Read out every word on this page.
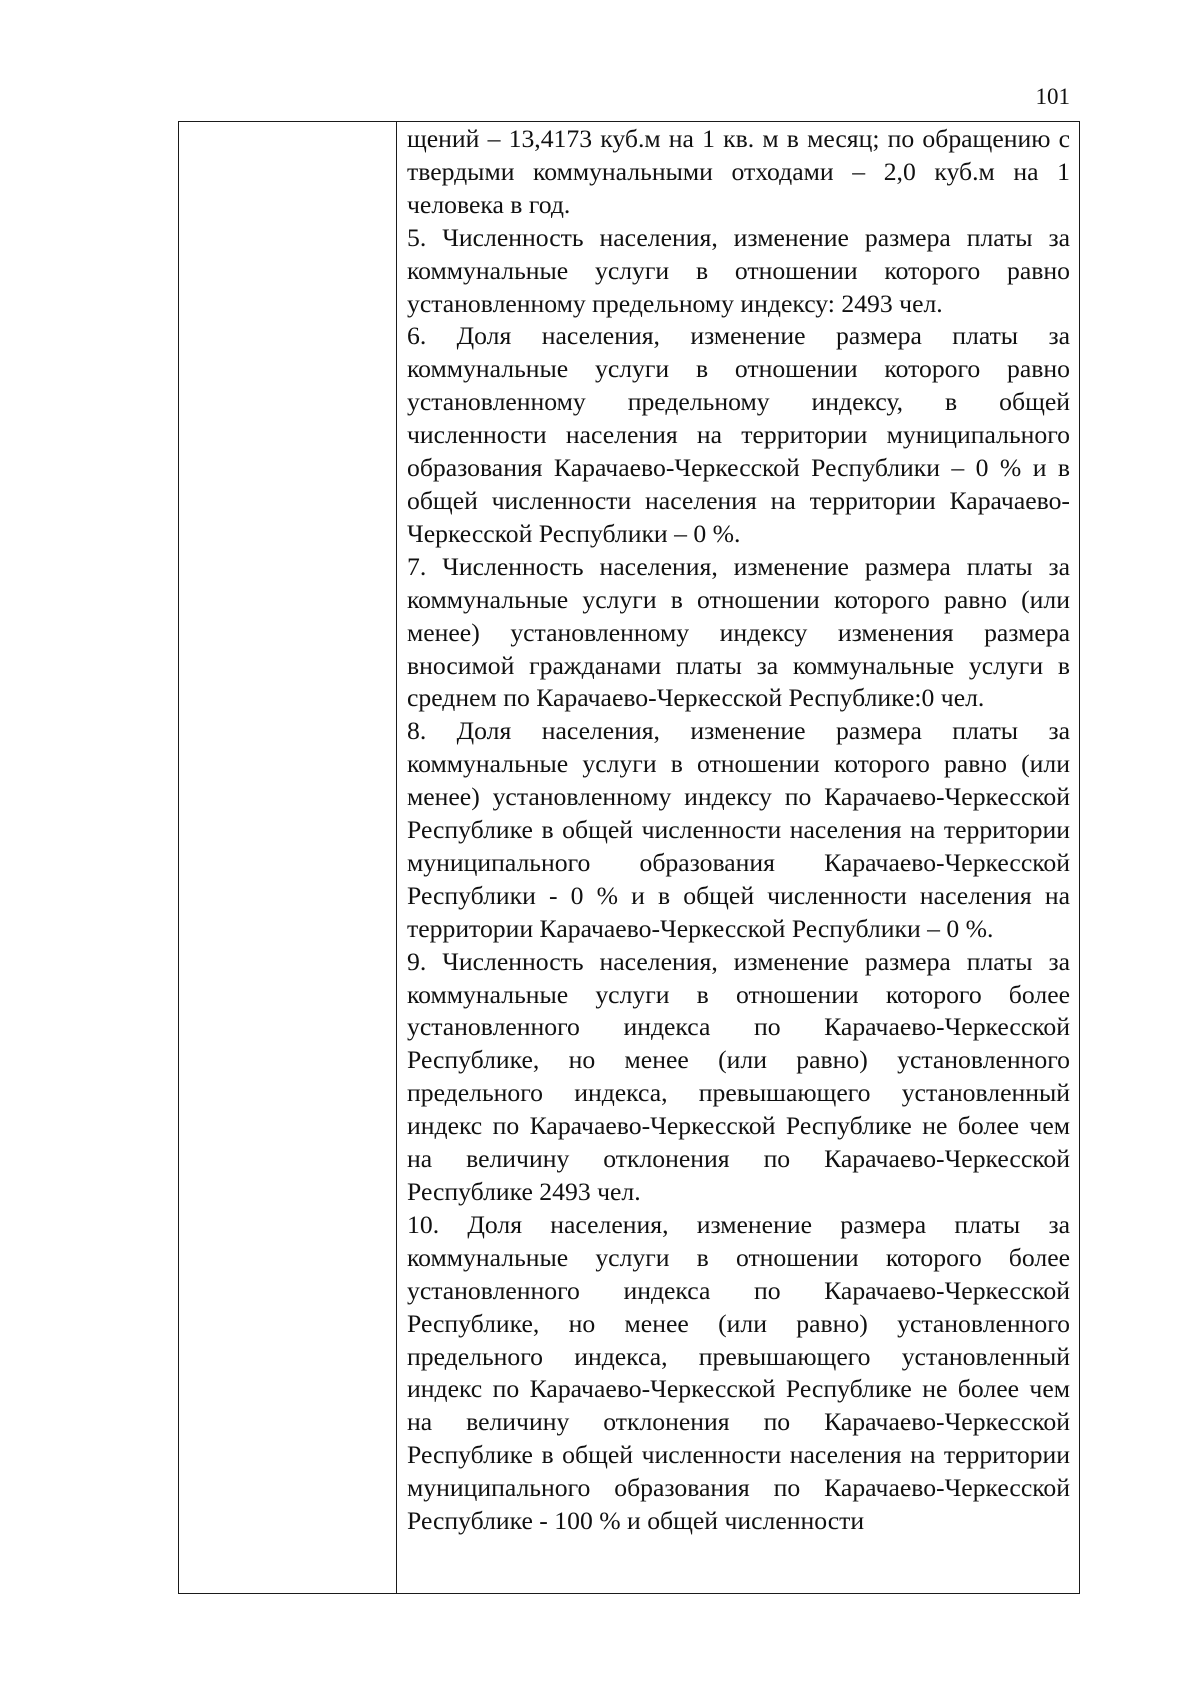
101

щений – 13,4173 куб.м на 1 кв. м в месяц; по обращению с твердыми коммунальными отходами – 2,0 куб.м на 1 человека в год.

5. Численность населения, изменение размера платы за коммунальные услуги в отношении которого равно установленному предельному индексу: 2493 чел.

6. Доля населения, изменение размера платы за коммунальные услуги в отношении которого равно установленному предельному индексу, в общей численности населения на территории муниципального образования Карачаево-Черкесской Республики – 0 % и в общей численности населения на территории Карачаево-Черкесской Республики – 0 %.

7. Численность населения, изменение размера платы за коммунальные услуги в отношении которого равно (или менее) установленному индексу изменения размера вносимой гражданами платы за коммунальные услуги в среднем по Карачаево-Черкесской Республике:0 чел.

8. Доля населения, изменение размера платы за коммунальные услуги в отношении которого равно (или менее) установленному индексу по Карачаево-Черкесской Республике в общей численности населения на территории муниципального образования Карачаево-Черкесской Республики - 0 % и в общей численности населения на территории Карачаево-Черкесской Республики – 0 %.

9. Численность населения, изменение размера платы за коммунальные услуги в отношении которого более установленного индекса по Карачаево-Черкесской Республике, но менее (или равно) установленного предельного индекса, превышающего установленный индекс по Карачаево-Черкесской Республике не более чем на величину отклонения по Карачаево-Черкесской Республике 2493 чел.

10. Доля населения, изменение размера платы за коммунальные услуги в отношении которого более установленного индекса по Карачаево-Черкесской Республике, но менее (или равно) установленного предельного индекса, превышающего установленный индекс по Карачаево-Черкесской Республике не более чем на величину отклонения по Карачаево-Черкесской Республике в общей численности населения на территории муниципального образования по Карачаево-Черкесской Республике - 100 % и общей численности
